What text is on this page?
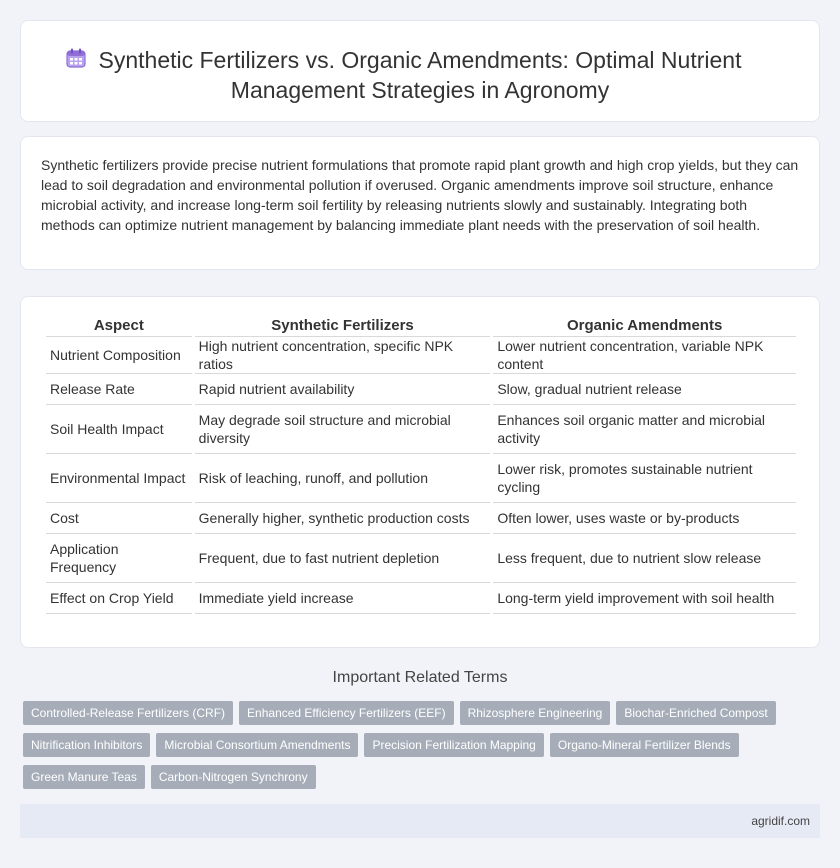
Synthetic Fertilizers vs. Organic Amendments: Optimal Nutrient Management Strategies in Agronomy

Synthetic fertilizers provide precise nutrient formulations that promote rapid plant growth and high crop yields, but they can lead to soil degradation and environmental pollution if overused. Organic amendments improve soil structure, enhance microbial activity, and increase long-term soil fertility by releasing nutrients slowly and sustainably. Integrating both methods can optimize nutrient management by balancing immediate plant needs with the preservation of soil health.

Aspect	Synthetic Fertilizers	Organic Amendments
Nutrient Composition	High nutrient concentration, specific NPK ratios	Lower nutrient concentration, variable NPK content
Release Rate	Rapid nutrient availability	Slow, gradual nutrient release
Soil Health Impact	May degrade soil structure and microbial diversity	Enhances soil organic matter and microbial activity
Environmental Impact	Risk of leaching, runoff, and pollution	Lower risk, promotes sustainable nutrient cycling
Cost	Generally higher, synthetic production costs	Often lower, uses waste or by-products
Application Frequency	Frequent, due to fast nutrient depletion	Less frequent, due to nutrient slow release
Effect on Crop Yield	Immediate yield increase	Long-term yield improvement with soil health
Important Related Terms
Controlled-Release Fertilizers (CRF)	Enhanced Efficiency Fertilizers (EEF)	Rhizosphere Engineering	Biochar-Enriched Compost
Nitrification Inhibitors	Microbial Consortium Amendments	Precision Fertilization Mapping	Organo-Mineral Fertilizer Blends
Green Manure Teas	Carbon-Nitrogen Synchrony
agridif.com
